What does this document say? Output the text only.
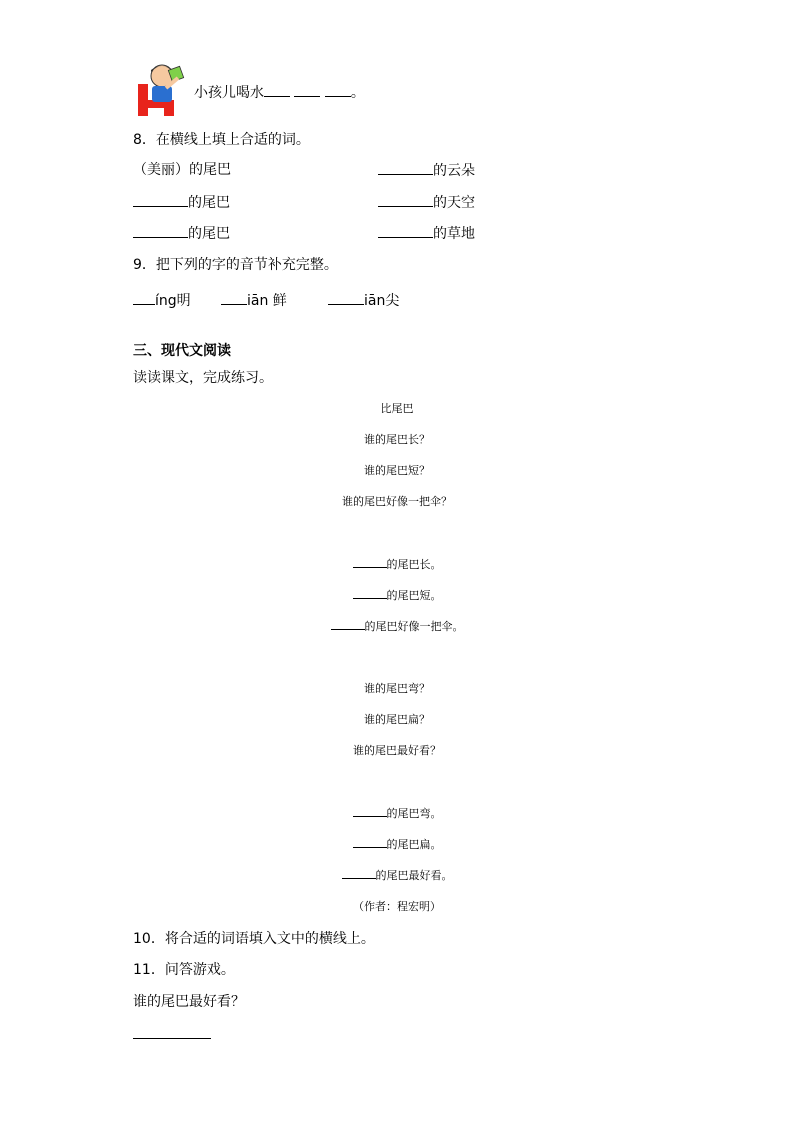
小孩儿喝水	。
8．在横线上填上合适的词。
（美丽）的尾巴	的云朵
的尾巴	的天空
的尾巴	的草地
9．把下列的字的音节补充完整。
íng明	iān 鲜	iān尖
三、现代文阅读
读读课文，完成练习。
比尾巴
谁的尾巴长？
谁的尾巴短？
谁的尾巴好像一把伞？
的尾巴长。
的尾巴短。
的尾巴好像一把伞。
谁的尾巴弯？
谁的尾巴扁？
谁的尾巴最好看？
的尾巴弯。
的尾巴扁。
的尾巴最好看。
（作者：程宏明）
10．将合适的词语填入文中的横线上。
11．问答游戏。
谁的尾巴最好看？
